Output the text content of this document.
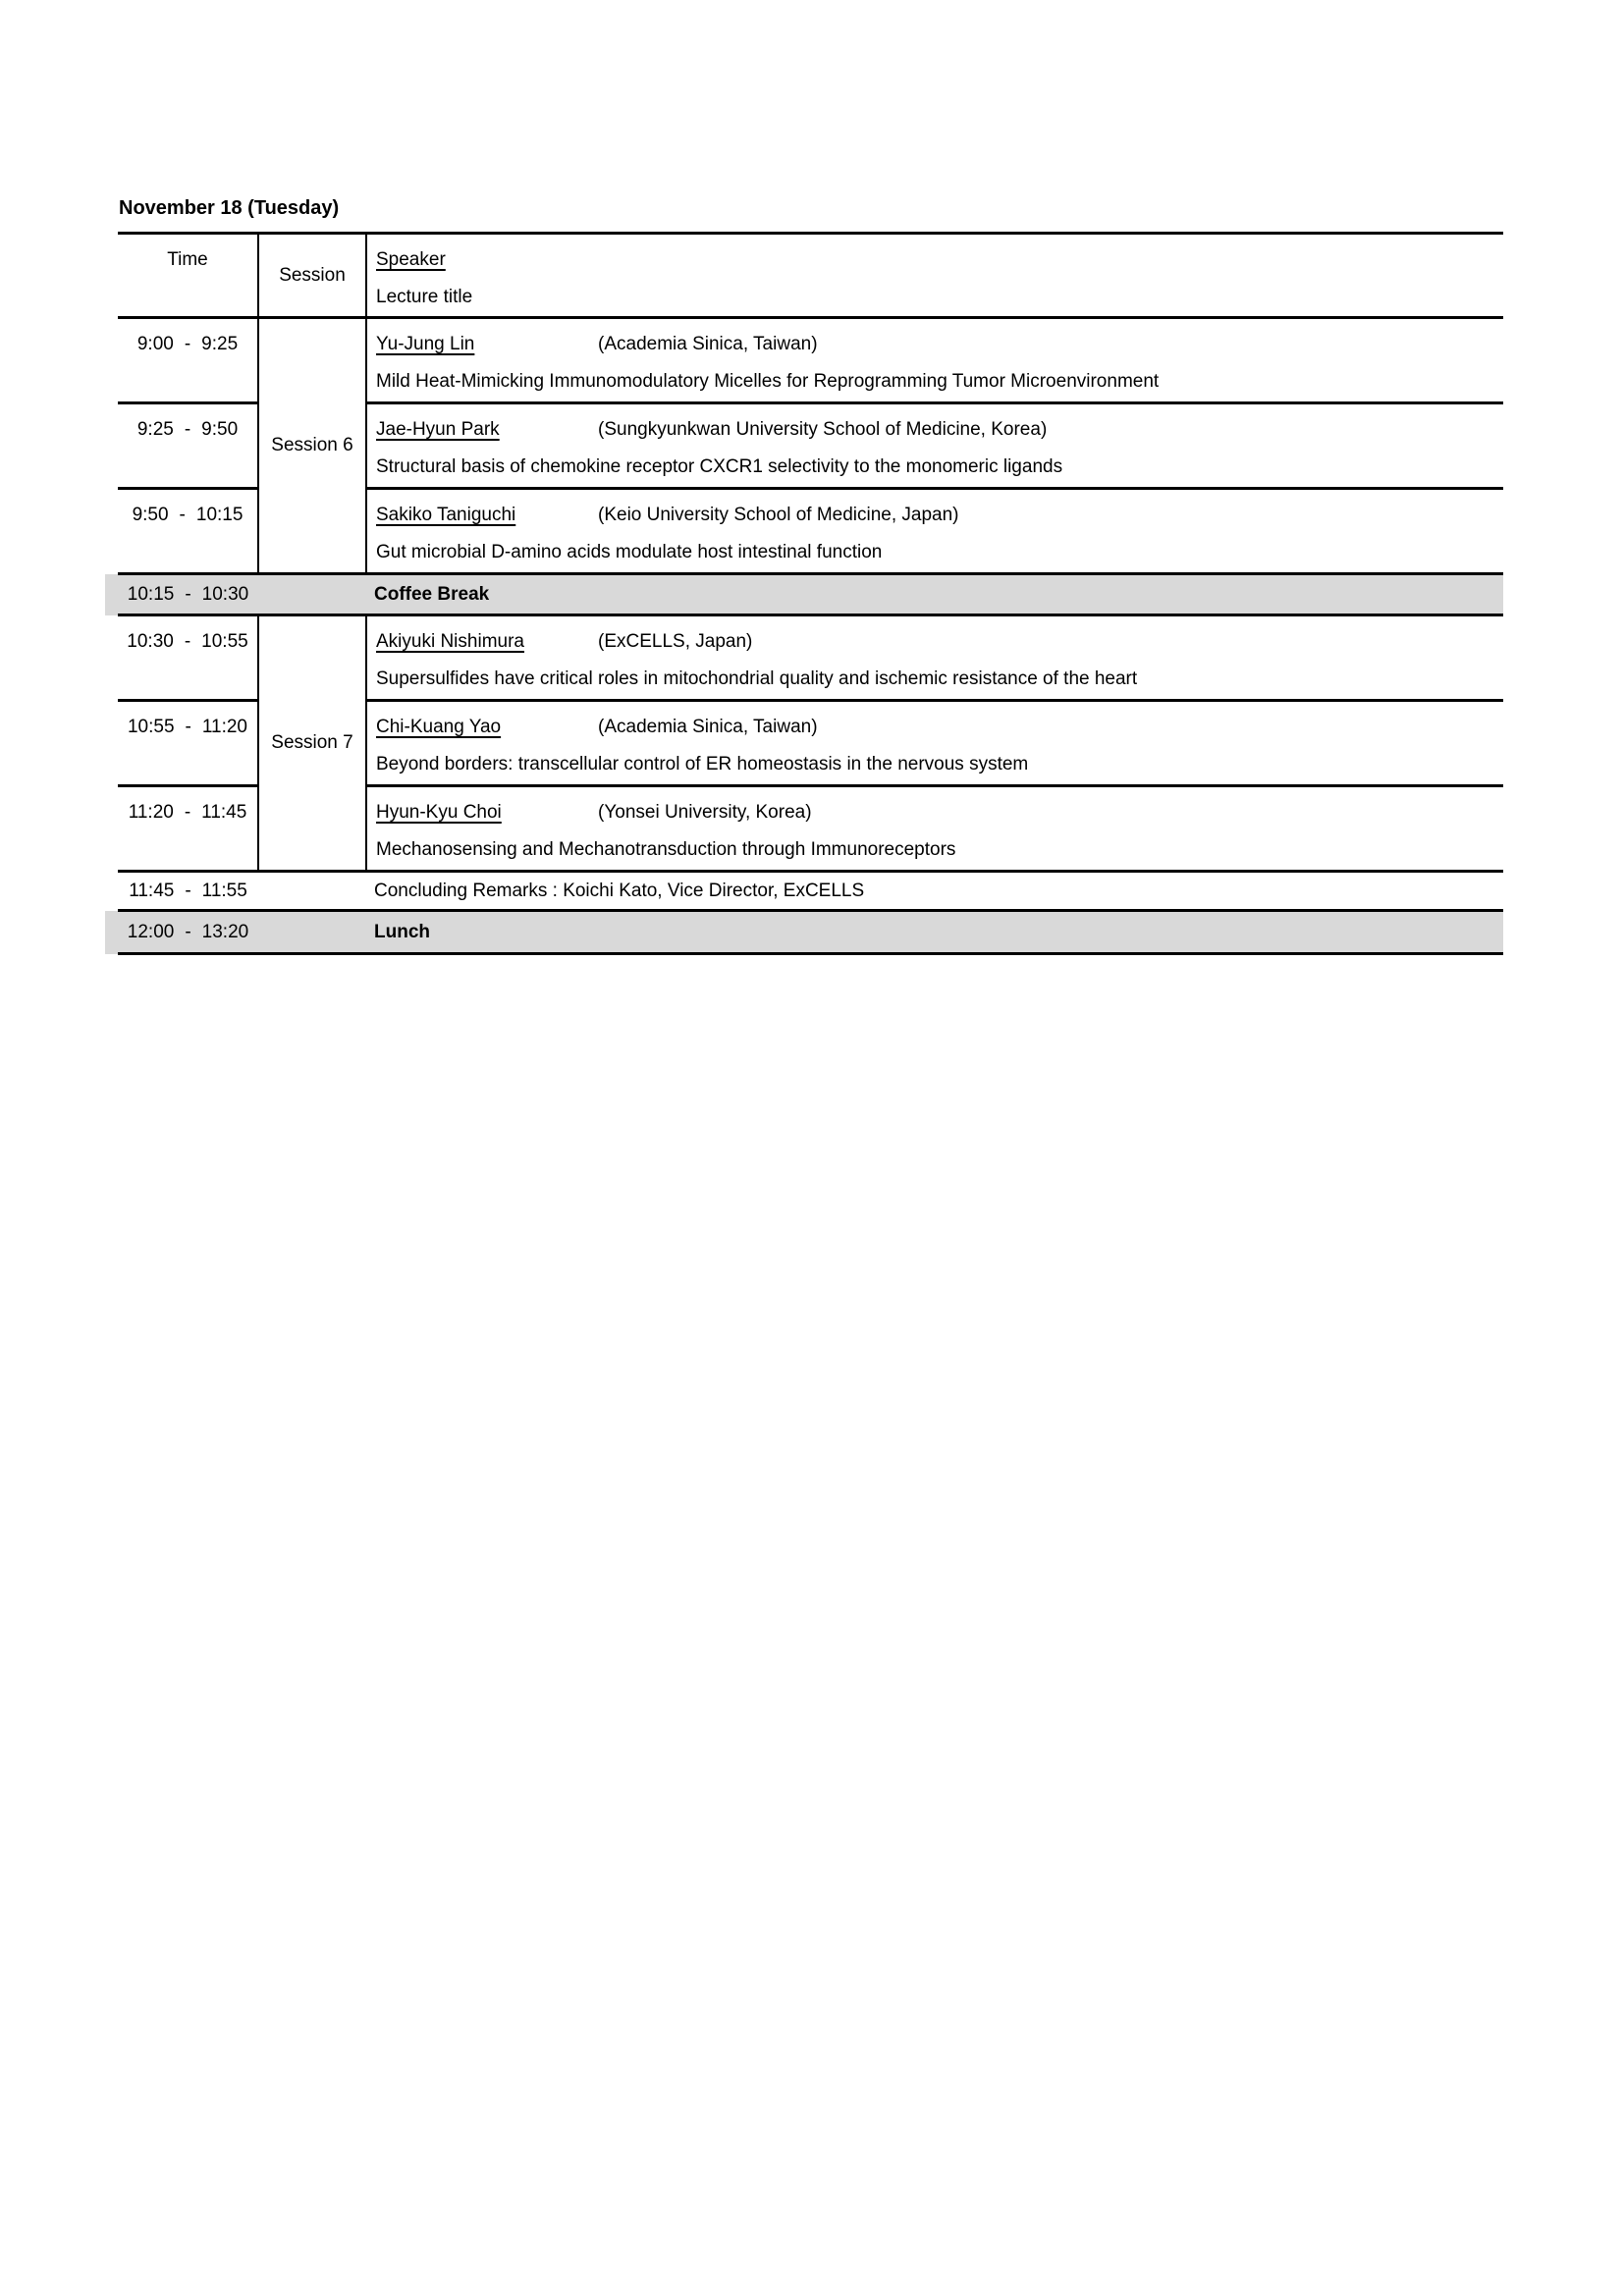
November 18 (Tuesday)
Time	Session	Speaker
Lecture title

9:00 - 9:25	Session 6	Yu-Jung Lin (Academia Sinica, Taiwan)
Mild Heat-Mimicking Immunomodulatory Micelles for Reprogramming Tumor Microenvironment

9:25 - 9:50		Jae-Hyun Park (Sungkyunkwan University School of Medicine, Korea)
Structural basis of chemokine receptor CXCR1 selectivity to the monomeric ligands

9:50 - 10:15		Sakiko Taniguchi (Keio University School of Medicine, Japan)
Gut microbial D-amino acids modulate host intestinal function

10:15 - 10:30 Coffee Break		

10:30 - 10:55	Session 7	Akiyuki Nishimura (ExCELLS, Japan)
Supersulfides have critical roles in mitochondrial quality and ischemic resistance of the heart

10:55 - 11:20		Chi-Kuang Yao (Academia Sinica, Taiwan)
Beyond borders: transcellular control of ER homeostasis in the nervous system

11:20 - 11:45		Hyun-Kyu Choi (Yonsei University, Korea)
Mechanosensing and Mechanotransduction through Immunoreceptors

11:45 - 11:55 Concluding Remarks : Koichi Kato, Vice Director, ExCELLS		

12:00 - 13:20 Lunch		
